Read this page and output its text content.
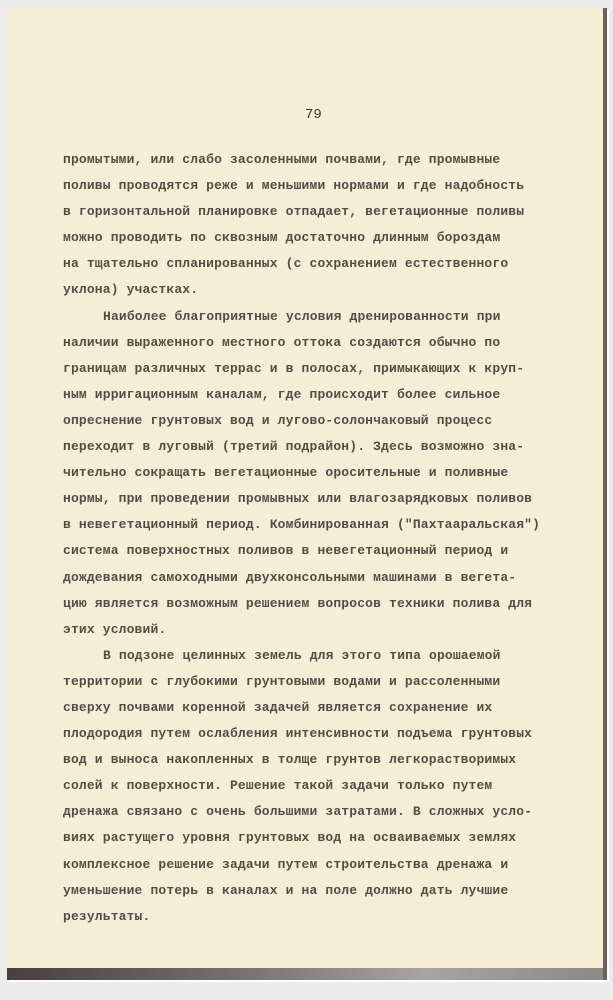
79
промытыми, или слабо засоленными почвами, где промывные
поливы проводятся реже и меньшими нормами и где надобность
в горизонтальной планировке отпадает, вегетационные поливы
можно проводить по сквозным достаточно длинным бороздам
на тщательно спланированных (с сохранением естественного
уклона) участках.
Наиболее благоприятные условия дренированности при
наличии выраженного местного оттока создаются обычно по
границам различных террас и в полосах, примыкающих к круп-
ным ирригационным каналам, где происходит более сильное
опреснение грунтовых вод и лугово-солончаковый процесс
переходит в луговый (третий подрайон). Здесь возможно зна-
чительно сокращать вегетационные оросительные и поливные
нормы, при проведении промывных или влагозарядковых поливов
в невегетационный период. Комбинированная ("Пахтааральская")
система поверхностных поливов в невегетационный период и
дождевания самоходными двухконсольными машинами в вегета-
цию является возможным решением вопросов техники полива для
этих условий.
В подзоне целинных земель для этого типа орошаемой
территории с глубокими грунтовыми водами и рассоленными
сверху почвами коренной задачей является сохранение их
плодородия путем ослабления интенсивности подъема грунтовых
вод и выноса накопленных в толще грунтов легкорастворимых
солей к поверхности. Решение такой задачи только путем
дренажа связано с очень большими затратами. В сложных усло-
виях растущего уровня грунтовых вод на осваиваемых землях
комплексное решение задачи путем строительства дренажа и
уменьшение потерь в каналах и на поле должно дать лучшие
результаты.
